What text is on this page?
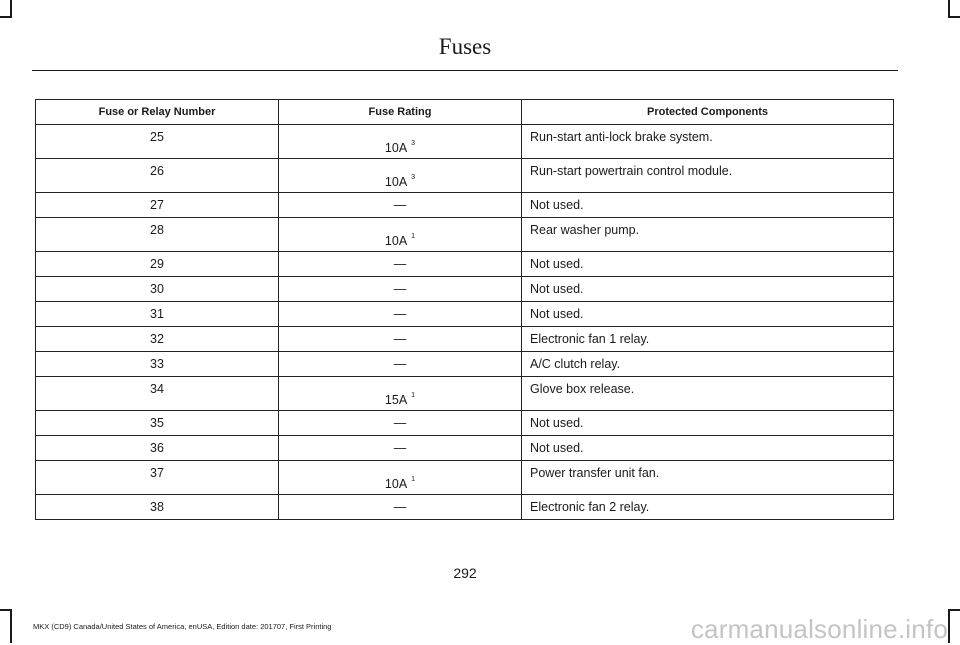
Fuses
Fuse or Relay Number	Fuse Rating	Protected Components
25	10A $^3$	Run-start anti-lock brake system.
26	10A $^3$	Run-start powertrain control module.
27	—	Not used.
28	10A $^1$	Rear washer pump.
29	—	Not used.
30	—	Not used.
31	—	Not used.
32	—	Electronic fan 1 relay.
33	—	A/C clutch relay.
34	15A $^1$	Glove box release.
35	—	Not used.
36	—	Not used.
37	10A $^1$	Power transfer unit fan.
38	—	Electronic fan 2 relay.
292
MKX (CD9) Canada/United States of America, enUSA, Edition date: 201707, First Printing	carmanualsonline.info
